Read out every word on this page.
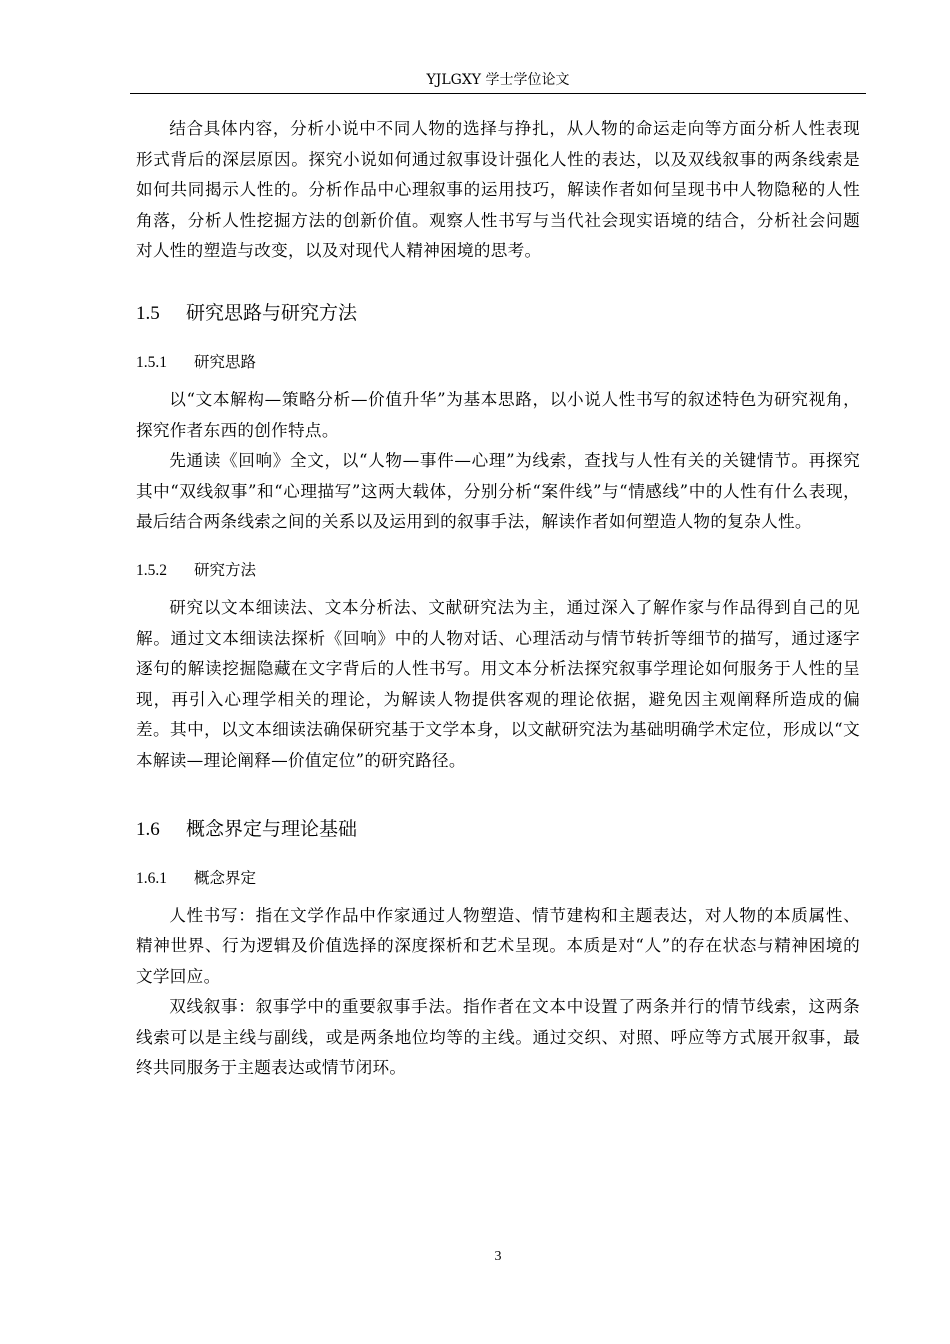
YJLGXY 学士学位论文

结合具体内容，分析小说中不同人物的选择与挣扎，从人物的命运走向等方面分析人性表现形式背后的深层原因。探究小说如何通过叙事设计强化人性的表达，以及双线叙事的两条线索是如何共同揭示人性的。分析作品中心理叙事的运用技巧，解读作者如何呈现书中人物隐秘的人性角落，分析人性挖掘方法的创新价值。观察人性书写与当代社会现实语境的结合，分析社会问题对人性的塑造与改变，以及对现代人精神困境的思考。

1.5 研究思路与研究方法
1.5.1 研究思路

以“文本解构—策略分析—价值升华”为基本思路，以小说人性书写的叙述特色为研究视角，探究作者东西的创作特点。

先通读《回响》全文，以“人物—事件—心理”为线索，查找与人性有关的关键情节。再探究其中“双线叙事”和“心理描写”这两大载体，分别分析“案件线”与“情感线”中的人性有什么表现，最后结合两条线索之间的关系以及运用到的叙事手法，解读作者如何塑造人物的复杂人性。

1.5.2 研究方法

研究以文本细读法、文本分析法、文献研究法为主，通过深入了解作家与作品得到自己的见解。通过文本细读法探析《回响》中的人物对话、心理活动与情节转折等细节的描写，通过逐字逐句的解读挖掘隐藏在文字背后的人性书写。用文本分析法探究叙事学理论如何服务于人性的呈现，再引入心理学相关的理论，为解读人物提供客观的理论依据，避免因主观阐释所造成的偏差。其中，以文本细读法确保研究基于文学本身，以文献研究法为基础明确学术定位，形成以“文本解读—理论阐释—价值定位”的研究路径。

1.6 概念界定与理论基础
1.6.1 概念界定

人性书写：指在文学作品中作家通过人物塑造、情节建构和主题表达，对人物的本质属性、精神世界、行为逻辑及价值选择的深度探析和艺术呈现。本质是对“人”的存在状态与精神困境的文学回应。

双线叙事：叙事学中的重要叙事手法。指作者在文本中设置了两条并行的情节线索，这两条线索可以是主线与副线，或是两条地位均等的主线。通过交织、对照、呼应等方式展开叙事，最终共同服务于主题表达或情节闭环。

3
